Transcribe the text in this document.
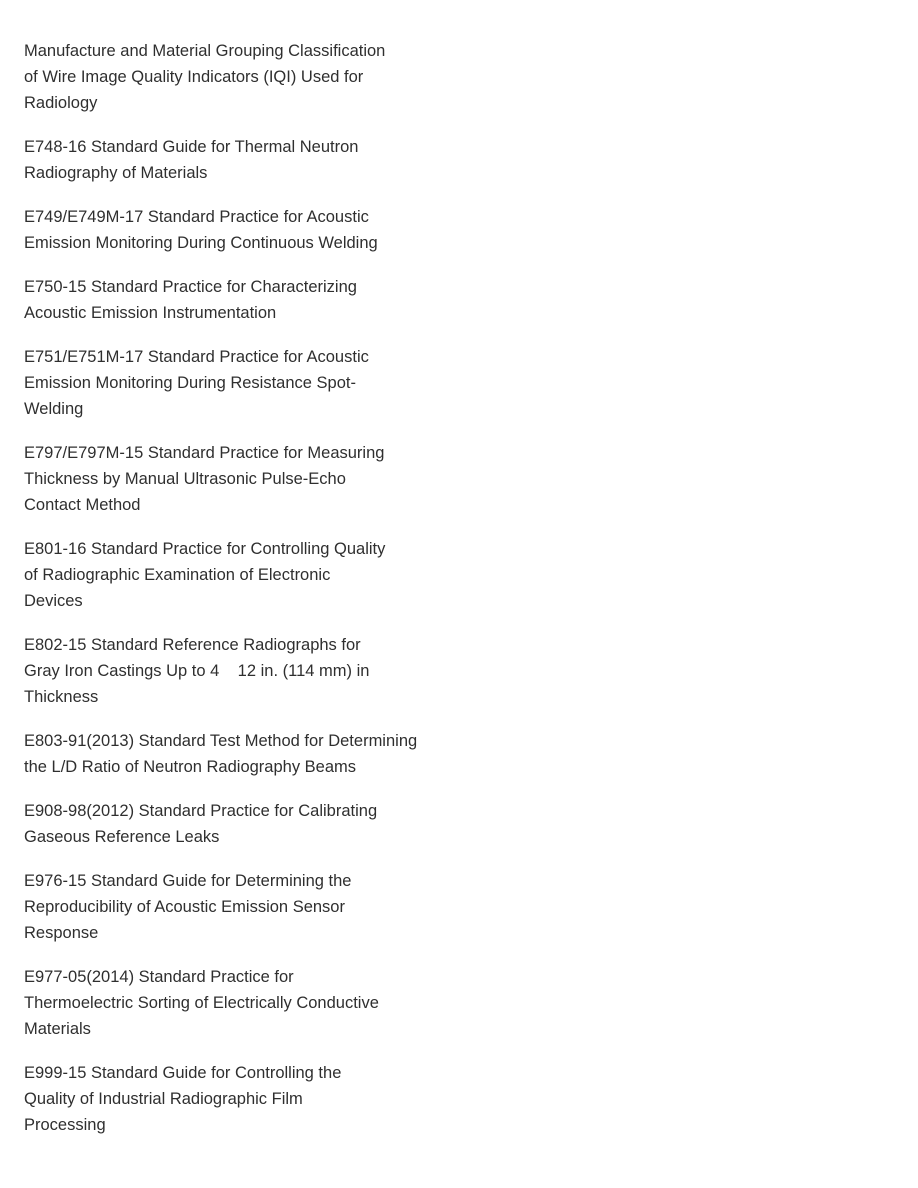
Manufacture and Material Grouping Classification
of Wire Image Quality Indicators (IQI) Used for
Radiology
E748-16 Standard Guide for Thermal Neutron
Radiography of Materials
E749/E749M-17 Standard Practice for Acoustic
Emission Monitoring During Continuous Welding
E750-15 Standard Practice for Characterizing
Acoustic Emission Instrumentation
E751/E751M-17 Standard Practice for Acoustic
Emission Monitoring During Resistance Spot-
Welding
E797/E797M-15 Standard Practice for Measuring
Thickness by Manual Ultrasonic Pulse-Echo
Contact Method
E801-16 Standard Practice for Controlling Quality
of Radiographic Examination of Electronic
Devices
E802-15 Standard Reference Radiographs for
Gray Iron Castings Up to 4    12 in. (114 mm) in
Thickness
E803-91(2013) Standard Test Method for Determining
the L/D Ratio of Neutron Radiography Beams
E908-98(2012) Standard Practice for Calibrating
Gaseous Reference Leaks
E976-15 Standard Guide for Determining the
Reproducibility of Acoustic Emission Sensor
Response
E977-05(2014) Standard Practice for
Thermoelectric Sorting of Electrically Conductive
Materials
E999-15 Standard Guide for Controlling the
Quality of Industrial Radiographic Film
Processing
